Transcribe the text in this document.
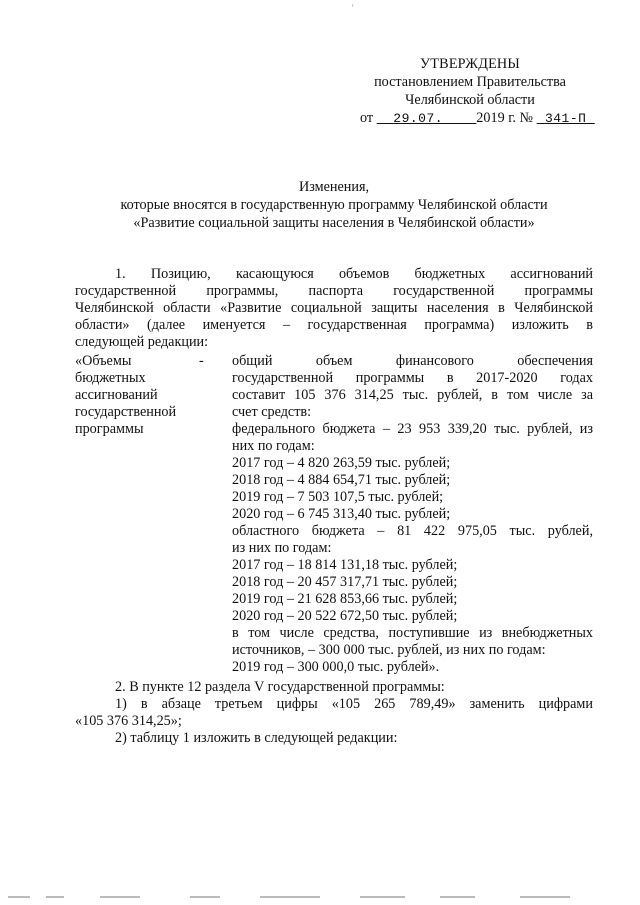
УТВЕРЖДЕНЫ
постановлением Правительства
Челябинской области
от 29.07. 2019 г. № 341-П
Изменения,
которые вносятся в государственную программу Челябинской области
«Развитие социальной защиты населения в Челябинской области»
1. Позицию, касающуюся объемов бюджетных ассигнований
государственной программы, паспорта государственной программы
Челябинской области «Развитие социальной защиты населения в Челябинской
области» (далее именуется – государственная программа) изложить в
следующей редакции:
«Объемы
бюджетных
ассигнований
государственной
программы
- общий объем финансового обеспечения
государственной программы в 2017-2020 годах
составит 105 376 314,25 тыс. рублей, в том числе за
счет средств:
федерального бюджета – 23 953 339,20 тыс. рублей, из
них по годам:
2017 год – 4 820 263,59 тыс. рублей;
2018 год – 4 884 654,71 тыс. рублей;
2019 год – 7 503 107,5 тыс. рублей;
2020 год – 6 745 313,40 тыс. рублей;
областного бюджета – 81 422 975,05 тыс. рублей,
из них по годам:
2017 год – 18 814 131,18 тыс. рублей;
2018 год – 20 457 317,71 тыс. рублей;
2019 год – 21 628 853,66 тыс. рублей;
2020 год – 20 522 672,50 тыс. рублей;
в том числе средства, поступившие из внебюджетных
источников, – 300 000 тыс. рублей, из них по годам:
2019 год – 300 000,0 тыс. рублей».
2. В пункте 12 раздела V государственной программы:
1) в абзаце третьем цифры «105 265 789,49» заменить цифрами
«105 376 314,25»;
2) таблицу 1 изложить в следующей редакции:
